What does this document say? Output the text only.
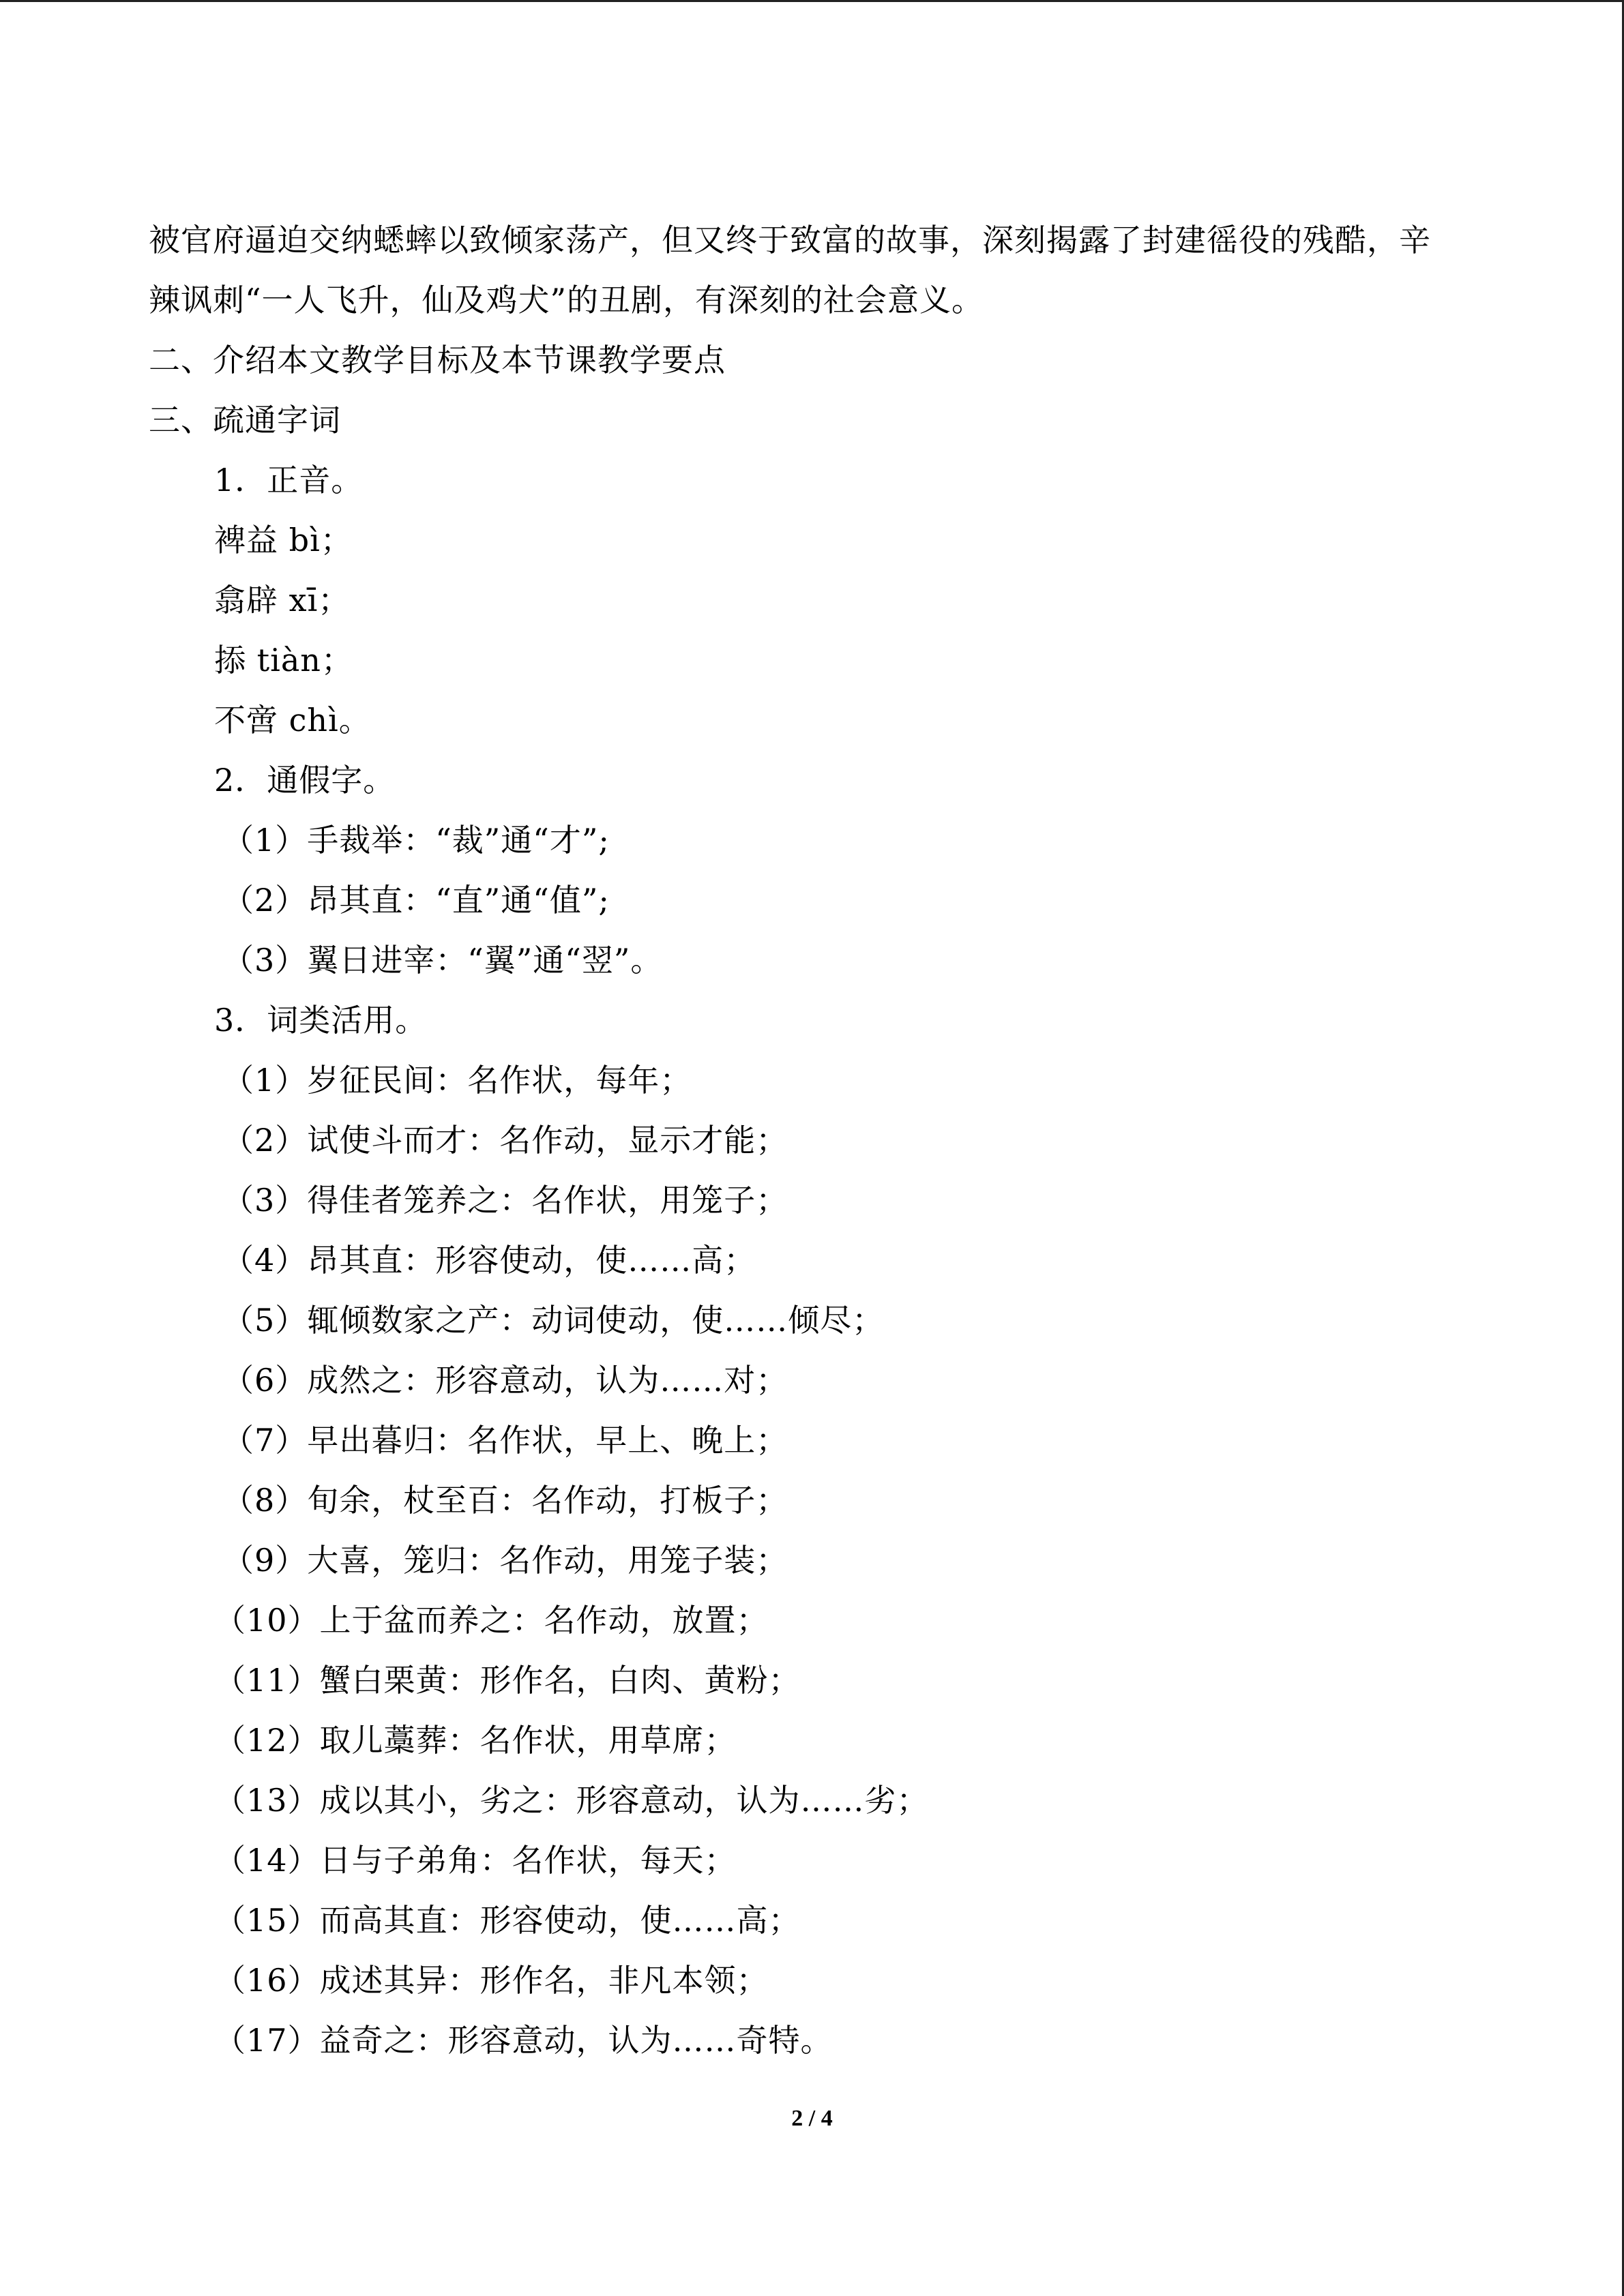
被官府逼迫交纳蟋蟀以致倾家荡产，但又终于致富的故事，深刻揭露了封建徭役的残酷，辛
辣讽刺“一人飞升，仙及鸡犬”的丑剧，有深刻的社会意义。
二、介绍本文教学目标及本节课教学要点
三、疏通字词
1．正音。
裨益 bì；
翕辟 xī；
掭 tiàn；
不啻 chì。
2．通假字。
（1）手裁举：“裁”通“才”;
（2）昂其直：“直”通“值”;
（3）翼日进宰：“翼”通“翌”。
3．词类活用。
（1）岁征民间：名作状，每年；
（2）试使斗而才：名作动，显示才能；
（3）得佳者笼养之：名作状，用笼子；
（4）昂其直：形容使动，使……高；
（5）辄倾数家之产：动词使动，使……倾尽；
（6）成然之：形容意动，认为……对；
（7）早出暮归：名作状，早上、晚上；
（8）旬余，杖至百：名作动，打板子；
（9）大喜，笼归：名作动，用笼子装；
（10）上于盆而养之：名作动，放置；
（11）蟹白栗黄：形作名，白肉、黄粉；
（12）取儿藁葬：名作状，用草席；
（13）成以其小，劣之：形容意动，认为……劣；
（14）日与子弟角：名作状，每天；
（15）而高其直：形容使动，使……高；
（16）成述其异：形作名，非凡本领；
（17）益奇之：形容意动，认为……奇特。
2 / 4
